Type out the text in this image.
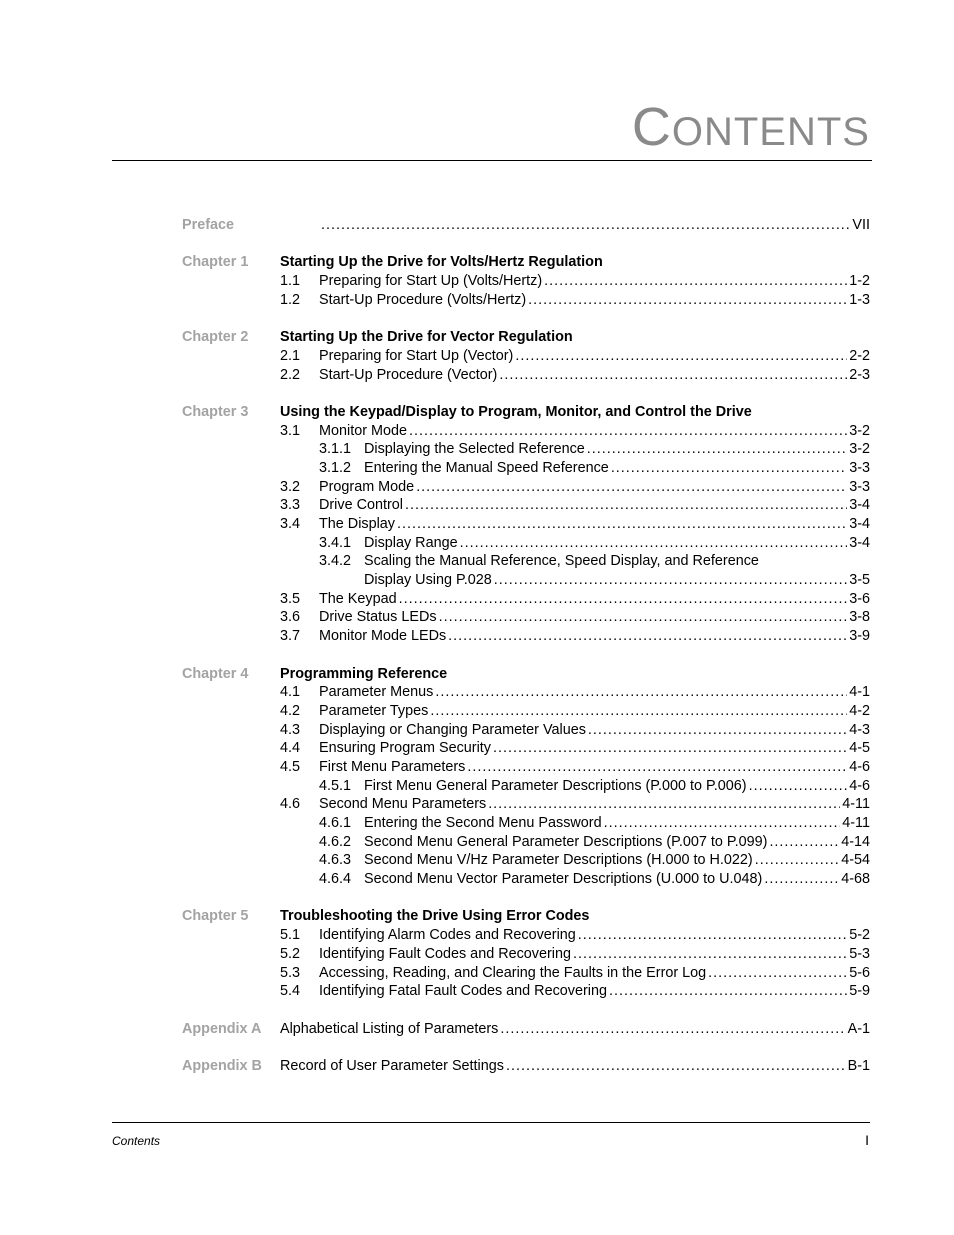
CONTENTS
Preface .....	VII
Chapter 1	Starting Up the Drive for Volts/Hertz Regulation
1.1	Preparing for Start Up (Volts/Hertz) .....	1-2
1.2	Start-Up Procedure (Volts/Hertz) .....	1-3
Chapter 2	Starting Up the Drive for Vector Regulation
2.1	Preparing for Start Up (Vector) .....	2-2
2.2	Start-Up Procedure (Vector) .....	2-3
Chapter 3	Using the Keypad/Display to Program, Monitor, and Control the Drive
3.1	Monitor Mode .....	3-2
3.1.1 Displaying the Selected Reference .....	3-2
3.1.2 Entering the Manual Speed Reference .....	3-3
3.2	Program Mode .....	3-3
3.3	Drive Control .....	3-4
3.4	The Display .....	3-4
3.4.1 Display Range .....	3-4
3.4.2 Scaling the Manual Reference, Speed Display, and Reference
Display Using P.028 .....	3-5
3.5	The Keypad .....	3-6
3.6	Drive Status LEDs .....	3-8
3.7	Monitor Mode LEDs .....	3-9
Chapter 4	Programming Reference
4.1	Parameter Menus .....	4-1
4.2	Parameter Types .....	4-2
4.3	Displaying or Changing Parameter Values .....	4-3
4.4	Ensuring Program Security .....	4-5
4.5	First Menu Parameters .....	4-6
4.5.1 First Menu General Parameter Descriptions (P.000 to P.006) .....	4-6
4.6	Second Menu Parameters .....	4-11
4.6.1 Entering the Second Menu Password .....	4-11
4.6.2 Second Menu General Parameter Descriptions (P.007 to P.099) .....	4-14
4.6.3 Second Menu V/Hz Parameter Descriptions (H.000 to H.022) .....	4-54
4.6.4 Second Menu Vector Parameter Descriptions (U.000 to U.048) .....	4-68
Chapter 5	Troubleshooting the Drive Using Error Codes
5.1	Identifying Alarm Codes and Recovering .....	5-2
5.2	Identifying Fault Codes and Recovering .....	5-3
5.3	Accessing, Reading, and Clearing the Faults in the Error Log .....	5-6
5.4	Identifying Fatal Fault Codes and Recovering .....	5-9
Appendix A	Alphabetical Listing of Parameters .....	A-1
Appendix B	Record of User Parameter Settings .....	B-1
Contents	I
